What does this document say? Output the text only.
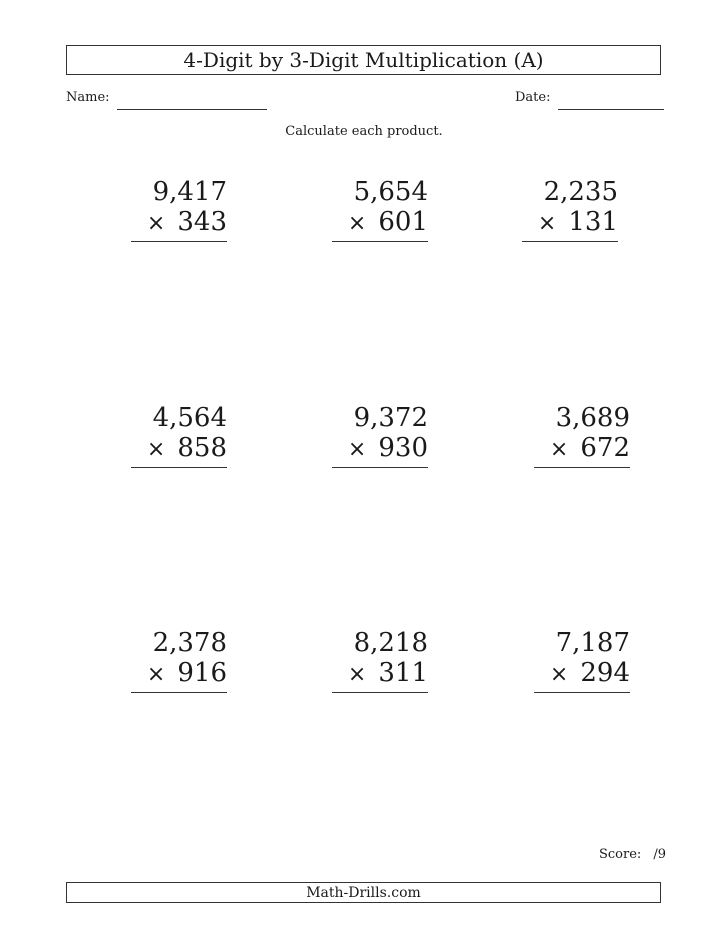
4-Digit by 3-Digit Multiplication (A)
Name:	Date:
Calculate each product.
9,417
× 343
5,654
× 601
2,235
× 131
4,564
× 858
9,372
× 930
3,689
× 672
2,378
× 916
8,218
× 311
7,187
× 294
Score: /9
Math-Drills.com
